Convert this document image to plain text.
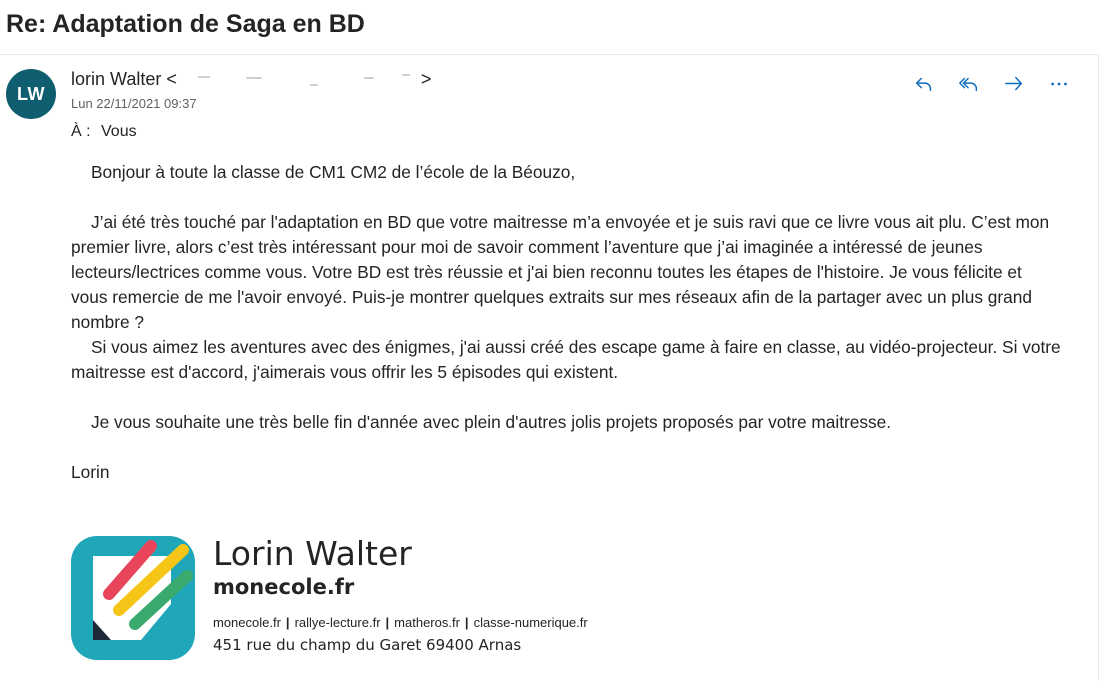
Re: Adaptation de Saga en BD
LW
lorin Walter <	>
Lun 22/11/2021 09:37
À : Vous

Bonjour à toute la classe de CM1 CM2 de l’école de la Béouzo,

J’ai été très touché par l'adaptation en BD que votre maitresse m’a envoyée et je suis ravi que ce livre vous ait plu. C’est mon premier livre, alors c’est très intéressant pour moi de savoir comment l’aventure que j’ai imaginée a intéressé de jeunes lecteurs/lectrices comme vous. Votre BD est très réussie et j'ai bien reconnu toutes les étapes de l'histoire. Je vous félicite et vous remercie de me l'avoir envoyé. Puis-je montrer quelques extraits sur mes réseaux afin de la partager avec un plus grand nombre ?

Si vous aimez les aventures avec des énigmes, j'ai aussi créé des escape game à faire en classe, au vidéo-projecteur. Si votre maitresse est d'accord, j'aimerais vous offrir les 5 épisodes qui existent.

Je vous souhaite une très belle fin d'année avec plein d'autres jolis projets proposés par votre maitresse.

Lorin

Lorin Walter
monecole.fr
monecole.fr | rallye-lecture.fr | matheros.fr | classe-numerique.fr
451 rue du champ du Garet 69400 Arnas
